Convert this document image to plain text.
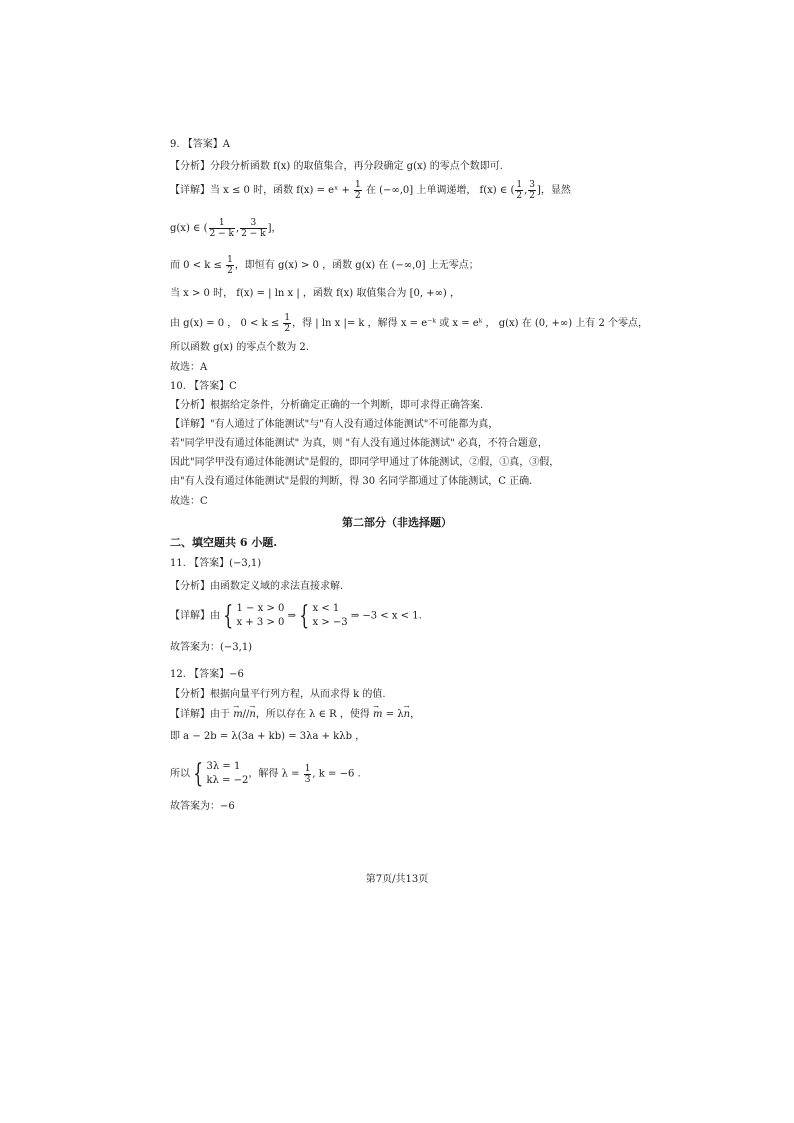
9. 【答案】A
【分析】分段分析函数 f(x) 的取值集合，再分段确定 g(x) 的零点个数即可.
【详解】当 x ≤ 0 时，函数 f(x) = eˣ + $\frac{1}{2}$ 在 (−∞,0] 上单调递增， f(x) ∈ ( $\frac{1}{2}$ , $\frac{3}{2}$ ]，显然
g(x) ∈ ( $\frac{1}{2 - k}$ , $\frac{3}{2 - k}$ ]，
而 $0 < k \le \frac{1}{2}$ ，即恒有 g(x) > 0 ，函数 g(x) 在 (−∞,0] 上无零点；
当 x > 0 时， f(x) = | ln x | ，函数 f(x) 取值集合为 [0, +∞) ，
由 g(x) = 0 ， $0 < k \le \frac{1}{2}$ ，得 | ln x |= k ，解得 x = e⁻ᵏ 或 x = eᵏ ， g(x) 在 (0, +∞) 上有 2 个零点，
所以函数 g(x) 的零点个数为 2.
故选：A
10. 【答案】C
【分析】根据给定条件，分析确定正确的一个判断，即可求得正确答案.
【详解】"有人通过了体能测试"与"有人没有通过体能测试"不可能都为真，
若"同学甲没有通过体能测试" 为真，则 "有人没有通过体能测试" 必真，不符合题意，
因此"同学甲没有通过体能测试"是假的，即同学甲通过了体能测试，②假，①真，③假，
由"有人没有通过体能测试"是假的判断，得 30 名同学都通过了体能测试，C 正确.
故选：C
第二部分（非选择题）
二、填空题共 6 小题.
11. 【答案】(−3,1)
【分析】由函数定义域的求法直接求解.
【详解】由 { 1 − x > 0
x + 3 > 0
⇒ { x < 1
x > −3
⇒ −3 < x < 1.
故答案为：(−3,1)
12. 【答案】−6
【分析】根据向量平行列方程，从而求得 k 的值.
【详解】由于 → m//→ n，所以存在 λ ∈ R ，使得 → m = λ→ n，
即 a − 2b = λ(3a + kb) = 3λa + kλb ，
所以 { 3λ = 1
kλ = −2
，解得 $\lambda = \frac{1}{3}$ , k = −6 .
故答案为：−6
第7页/共13页
